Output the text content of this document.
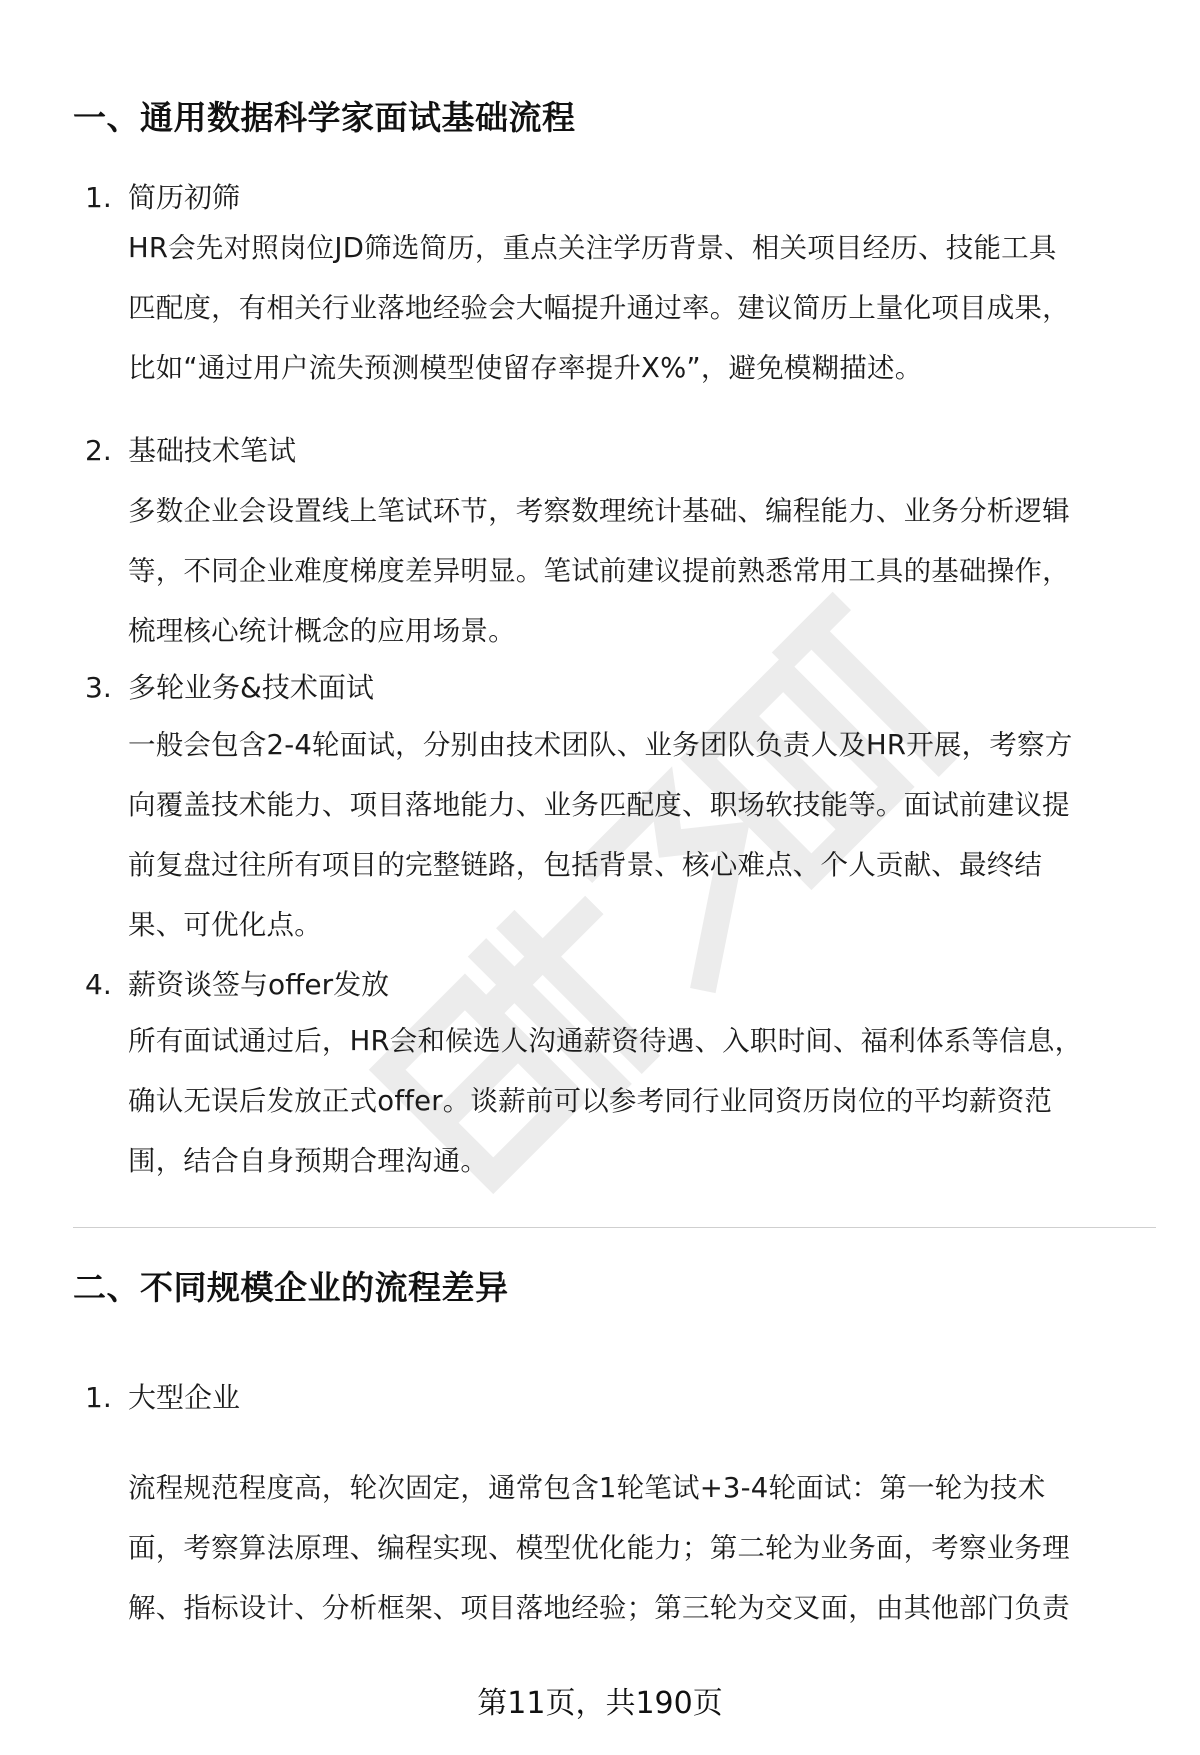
一、通用数据科学家面试基础流程
1. 简历初筛

HR会先对照岗位JD筛选简历，重点关注学历背景、相关项目经历、技能工具
匹配度，有相关行业落地经验会大幅提升通过率。建议简历上量化项目成果，
比如“通过用户流失预测模型使留存率提升X%”，避免模糊描述。

2. 基础技术笔试

多数企业会设置线上笔试环节，考察数理统计基础、编程能力、业务分析逻辑
等，不同企业难度梯度差异明显。笔试前建议提前熟悉常用工具的基础操作，
梳理核心统计概念的应用场景。

3. 多轮业务&技术面试

一般会包含2-4轮面试，分别由技术团队、业务团队负责人及HR开展，考察方
向覆盖技术能力、项目落地能力、业务匹配度、职场软技能等。面试前建议提
前复盘过往所有项目的完整链路，包括背景、核心难点、个人贡献、最终结
果、可优化点。

4. 薪资谈签与offer发放

所有面试通过后，HR会和候选人沟通薪资待遇、入职时间、福利体系等信息，
确认无误后发放正式offer。谈薪前可以参考同行业同资历岗位的平均薪资范
围，结合自身预期合理沟通。

二、不同规模企业的流程差异
1. 大型企业

流程规范程度高，轮次固定，通常包含1轮笔试+3-4轮面试：第一轮为技术
面，考察算法原理、编程实现、模型优化能力；第二轮为业务面，考察业务理
解、指标设计、分析框架、项目落地经验；第三轮为交叉面，由其他部门负责

第11页，共190页
